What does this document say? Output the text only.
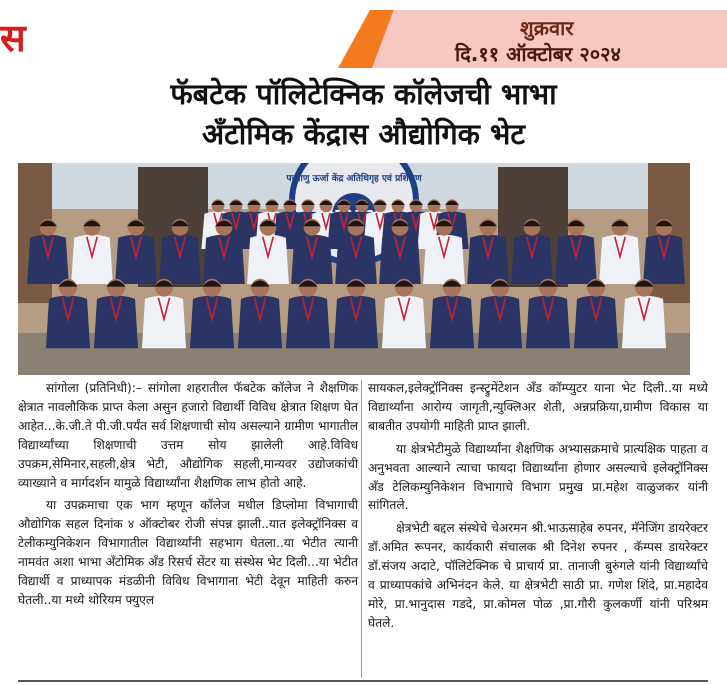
स	शुक्रवार
दि.११ ऑक्टोबर २०२४
फॅबटेक पॉलिटेक्निक कॉलेजची भाभा
अँटोमिक केंद्रास औद्योगिक भेट
परमाणु ऊर्जा केंद्र अतिथिगृह एवं प्रशिक्षण

सांगोला (प्रतिनिधी):– सांगोला शहरातील फॅबटेक कॉलेज ने शैक्षणिक क्षेत्रात नावलौकिक प्राप्त केला असुन हजारो विद्यार्थी विविध क्षेत्रात शिक्षण घेत आहेत...के.जी.ते पी.जी.पर्यंत सर्व शिक्षणाची सोय असल्याने ग्रामीण भागातील विद्यार्थ्यांच्या शिक्षणाची उत्तम सोय झालेली आहे.विविध उपक्रम,सेमिनार,सहली,क्षेत्र भेटी, औद्योगिक सहली,मान्यवर उद्योजकांची व्याख्याने व मार्गदर्शन यामुळे विद्यार्थ्यांना शैक्षणिक लाभ होतो आहे.

या उपक्रमाचा एक भाग म्हणून कॉलेज मधील डिप्लोमा विभागाची औद्योगिक सहल दिनांक ४ ऑक्टोबर रोजी संपन्न झाली..यात इलेक्ट्रॉनिक्स व टेलीकम्युनिकेशन विभागातील विद्यार्थ्यांनी सहभाग घेतला..या भेटीत त्यानी नामवंत अशा भाभा अँटोमिक अँड रिसर्च सेंटर या संस्थेस भेट दिली...या भेटीत विद्यार्थी व प्राध्यापक मंडळीनी विविध विभागाना भेटी देवून माहिती करुन घेतली..या मध्ये थोरियम फ्युएल

सायकल,इलेक्ट्रॉनिक्स इन्स्ट्रुमेंटेशन अँड कॉम्प्युटर याना भेट दिली..या मध्ये विद्यार्थ्यांना आरोग्य जागृती,न्युक्लिअर शेती, अन्नप्रक्रिया,ग्रामीण विकास या बाबतीत उपयोगी माहिती प्राप्त झाली.

या क्षेत्रभेटीमुळे विद्यार्थ्यांना शैक्षणिक अभ्यासक्रमाचे प्रात्यक्षिक पाहता व अनुभवता आल्याने त्याचा फायदा विद्यार्थ्यांना होणार असल्याचे इलेक्ट्रॉनिक्स अँड टेलिकम्युनिकेशन विभागाचे विभाग प्रमुख प्रा.महेश वाळुजकर यांनी सांगितले.

क्षेत्रभेटी बद्दल संस्थेचे चेअरमन श्री.भाऊसाहेब रुपनर, मॅनेजिंग डायरेक्टर डॉ.अमित रूपनर, कार्यकारी संचालक श्री दिनेश रुपनर , कॅम्पस डायरेक्टर डॉ.संजय अदाटे, पॉलिटेक्निक चे प्राचार्य प्रा. तानाजी बुरुंगले यांनी विद्यार्थ्यांचे व प्राध्यापकांचे अभिनंदन केले. या क्षेत्रभेटी साठी प्रा. गणेश शिंदे, प्रा.महादेव मोरे, प्रा.भानुदास गडदे, प्रा.कोमल पोळ ,प्रा.गौरी कुलकर्णी यांनी परिश्रम घेतले.
